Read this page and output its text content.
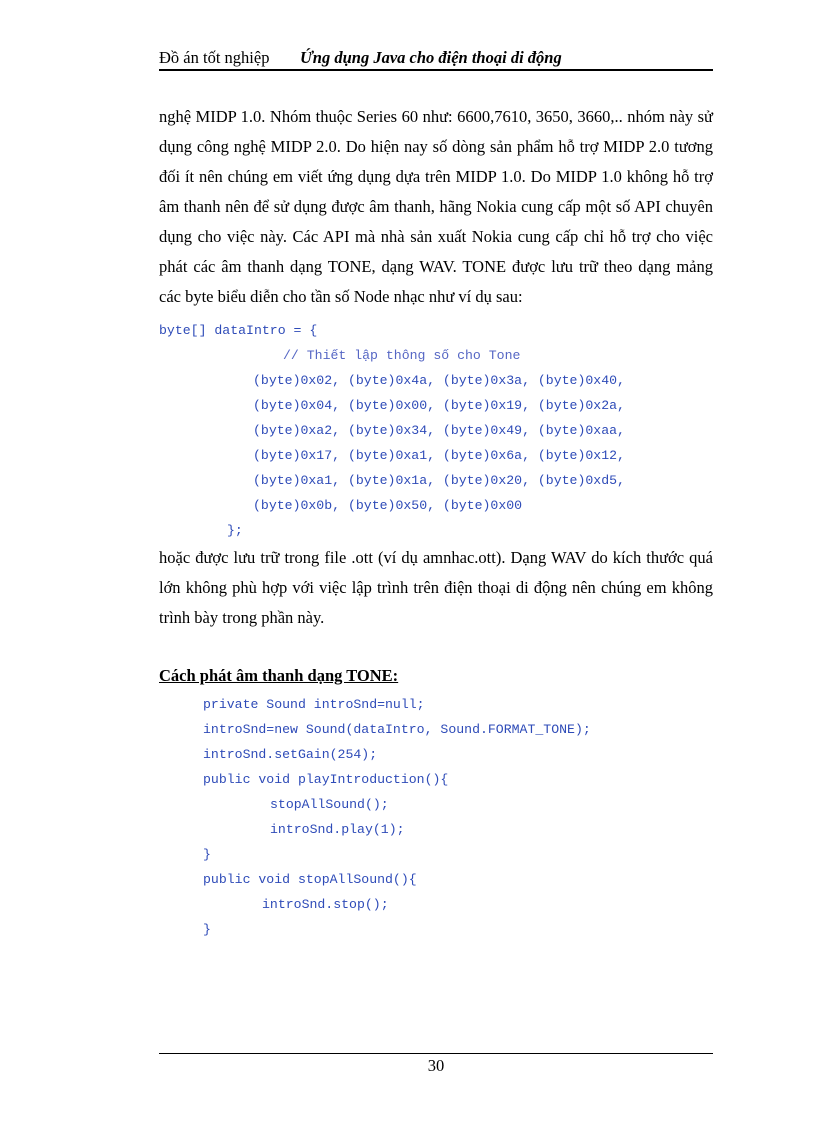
Đồ án tốt nghiệp Ứng dụng Java cho điện thoại di động
nghệ MIDP 1.0. Nhóm thuộc Series 60 như: 6600,7610, 3650, 3660,.. nhóm này sử
dụng công nghệ MIDP 2.0. Do hiện nay số dòng sản phẩm hỗ trợ MIDP 2.0 tương
đối ít nên chúng em viết ứng dụng dựa trên MIDP 1.0. Do MIDP 1.0 không hỗ trợ
âm thanh nên để sử dụng được âm thanh, hãng Nokia cung cấp một số API chuyên
dụng cho việc này. Các API mà nhà sản xuất Nokia cung cấp chỉ hỗ trợ cho việc
phát các âm thanh dạng TONE, dạng WAV. TONE được lưu trữ theo dạng mảng
các byte biểu diễn cho tần số Node nhạc như ví dụ sau:
byte[] dataIntro = {
// Thiết lập thông số cho Tone
(byte)0x02, (byte)0x4a, (byte)0x3a, (byte)0x40,
(byte)0x04, (byte)0x00, (byte)0x19, (byte)0x2a,
(byte)0xa2, (byte)0x34, (byte)0x49, (byte)0xaa,
(byte)0x17, (byte)0xa1, (byte)0x6a, (byte)0x12,
(byte)0xa1, (byte)0x1a, (byte)0x20, (byte)0xd5,
(byte)0x0b, (byte)0x50, (byte)0x00
};
hoặc được lưu trữ trong file .ott (ví dụ amnhac.ott). Dạng WAV do kích thước quá
lớn không phù hợp với việc lập trình trên điện thoại di động nên chúng em không
trình bày trong phần này.
Cách phát âm thanh dạng TONE:
private Sound introSnd=null;
introSnd=new Sound(dataIntro, Sound.FORMAT_TONE);
introSnd.setGain(254);
public void playIntroduction(){
stopAllSound();
introSnd.play(1);
}
public void stopAllSound(){
introSnd.stop();
}
30
